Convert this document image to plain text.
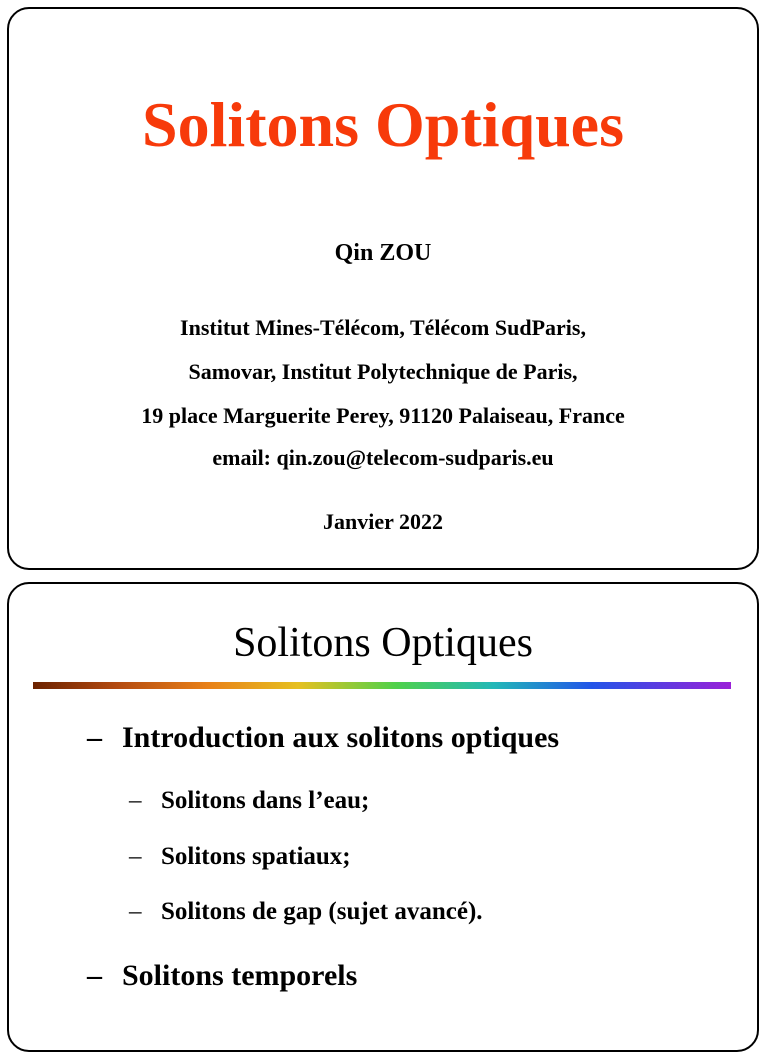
Solitons Optiques
Qin ZOU
Institut Mines-Télécom, Télécom SudParis,
Samovar, Institut Polytechnique de Paris,
19 place Marguerite Perey, 91120 Palaiseau, France
email: qin.zou@telecom-sudparis.eu
Janvier 2022
Solitons Optiques
– Introduction aux solitons optiques
– Solitons dans l’eau;
– Solitons spatiaux;
– Solitons de gap (sujet avancé).
– Solitons temporels
